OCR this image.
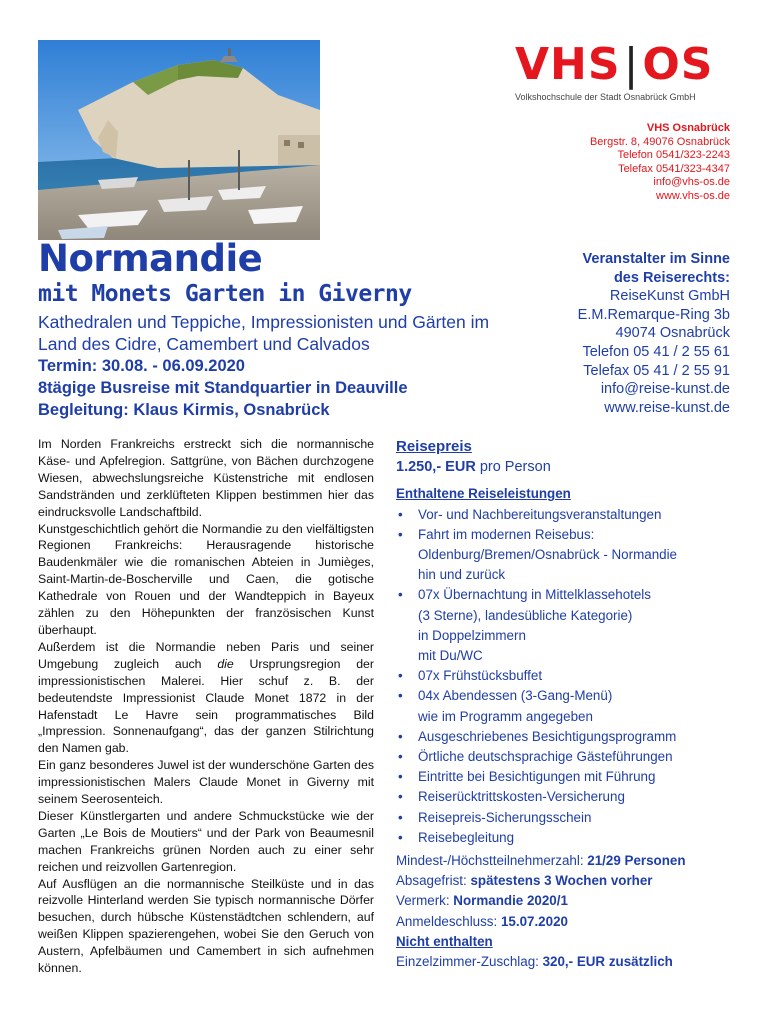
VHS|OS
Volkshochschule der Stadt Osnabrück GmbH
VHS Osnabrück
Bergstr. 8, 49076 Osnabrück
Telefon 0541/323-2243
Telefax 0541/323-4347
info@vhs-os.de
www.vhs-os.de
Normandie
mit Monets Garten in Giverny
Kathedralen und Teppiche, Impressionisten und Gärten im Land des Cidre, Camembert und Calvados
Termin: 30.08. - 06.09.2020
8tägige Busreise mit Standquartier in Deauville
Begleitung: Klaus Kirmis, Osnabrück
Veranstalter im Sinne
des Reiserechts:
ReiseKunst GmbH
E.M.Remarque-Ring 3b
49074 Osnabrück
Telefon 05 41 / 2 55 61
Telefax 05 41 / 2 55 91
info@reise-kunst.de
www.reise-kunst.de

Im Norden Frankreichs erstreckt sich die normannische Käse- und Apfelregion. Sattgrüne, von Bächen durchzogene Wiesen, abwechslungsreiche Küstenstriche mit endlosen Sandstränden und zerklüfteten Klippen bestimmen hier das eindrucksvolle Landschaftbild.

Kunstgeschichtlich gehört die Normandie zu den vielfältigsten Regionen Frankreichs: Herausragende historische Baudenkmäler wie die romanischen Abteien in Jumièges, Saint-Martin-de-Boscherville und Caen, die gotische Kathedrale von Rouen und der Wandteppich in Bayeux zählen zu den Höhepunkten der französischen Kunst überhaupt.

Außerdem ist die Normandie neben Paris und seiner Umgebung zugleich auch die Ursprungsregion der impressionistischen Malerei. Hier schuf z. B. der bedeutendste Impressionist Claude Monet 1872 in der Hafenstadt Le Havre sein programmatisches Bild „Impression. Sonnenaufgang“, das der ganzen Stilrichtung den Namen gab.

Ein ganz besonderes Juwel ist der wunderschöne Garten des impressionistischen Malers Claude Monet in Giverny mit seinem Seerosenteich.

Dieser Künstlergarten und andere Schmuckstücke wie der Garten „Le Bois de Moutiers“ und der Park von Beaumesnil machen Frankreichs grünen Norden auch zu einer sehr reichen und reizvollen Gartenregion.

Auf Ausflügen an die normannische Steilküste und in das reizvolle Hinterland werden Sie typisch normannische Dörfer besuchen, durch hübsche Küstenstädtchen schlendern, auf weißen Klippen spazierengehen, wobei Sie den Geruch von Austern, Apfelbäumen und Camembert in sich aufnehmen können.

Reisepreis
1.250,- EUR pro Person
Enthaltene Reiseleistungen
• Vor- und Nachbereitungsveranstaltungen
• Fahrt im modernen Reisebus:
Oldenburg/Bremen/Osnabrück - Normandie
hin und zurück
• 07x Übernachtung in Mittelklassehotels
(3 Sterne), landesübliche Kategorie)
in Doppelzimmern
mit Du/WC
• 07x Frühstücksbuffet
• 04x Abendessen (3-Gang-Menü)
wie im Programm angegeben
• Ausgeschriebenes Besichtigungsprogramm
• Örtliche deutschsprachige Gästeführungen
• Eintritte bei Besichtigungen mit Führung
• Reiserücktrittskosten-Versicherung
• Reisepreis-Sicherungsschein
• Reisebegleitung
Mindest-/Höchstteilnehmerzahl: 21/29 Personen
Absagefrist: spätestens 3 Wochen vorher
Vermerk: Normandie 2020/1
Anmeldeschluss: 15.07.2020
Nicht enthalten
Einzelzimmer-Zuschlag: 320,- EUR zusätzlich
